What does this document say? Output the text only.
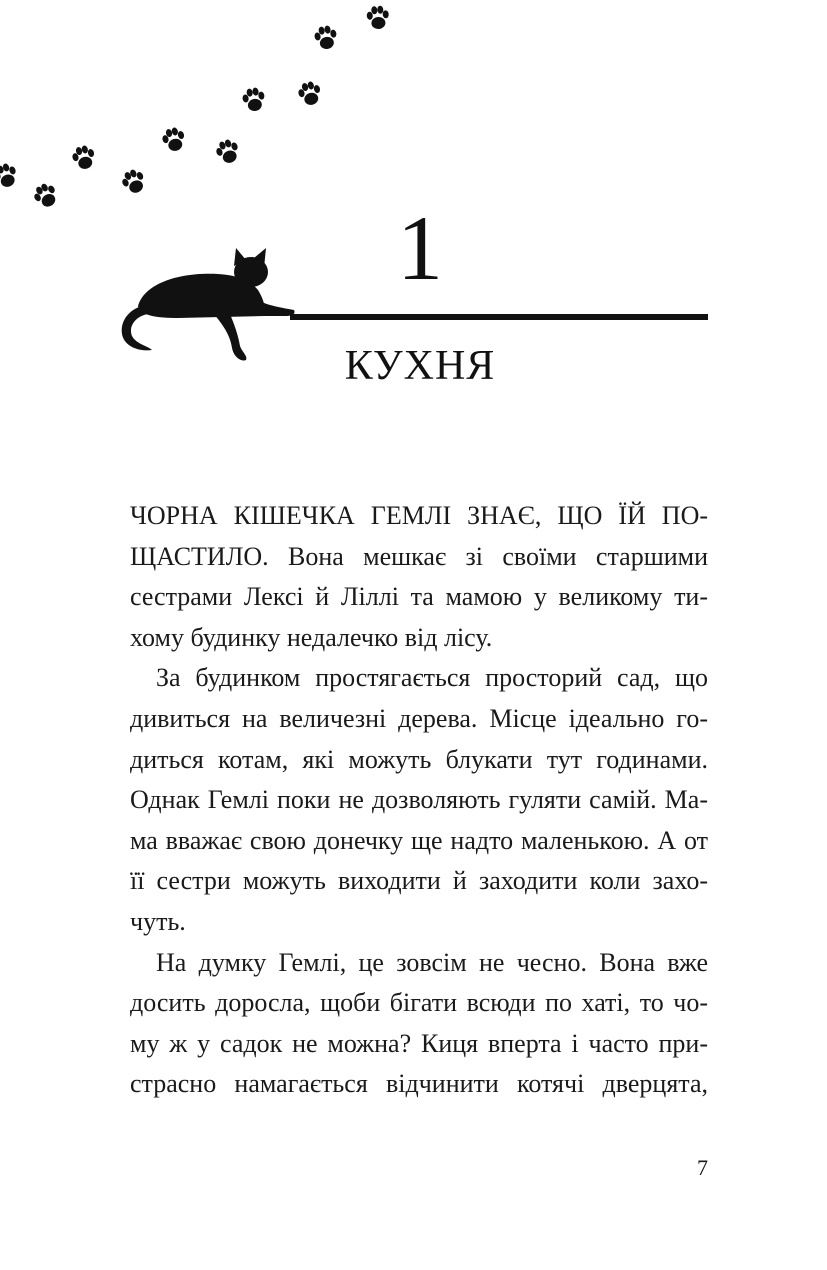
1
КУХНЯ
ЧОРНА КІШЕЧКА ГЕМЛІ ЗНАЄ, ЩО ЇЙ ПО-
ЩАСТИЛО. Вона мешкає зі своїми старшими
сестрами Лексі й Ліллі та мамою у великому ти-
хому будинку недалечко від лісу.
За будинком простягається просторий сад, що
дивиться на величезні дерева. Місце ідеально го-
диться котам, які можуть блукати тут годинами.
Однак Гемлі поки не дозволяють гуляти самій. Ма-
ма вважає свою донечку ще надто маленькою. А от
її сестри можуть виходити й заходити коли захо-
чуть.
На думку Гемлі, це зовсім не чесно. Вона вже
досить доросла, щоби бігати всюди по хаті, то чо-
му ж у садок не можна? Киця вперта і часто при-
страсно намагається відчинити котячі дверцята,
7
